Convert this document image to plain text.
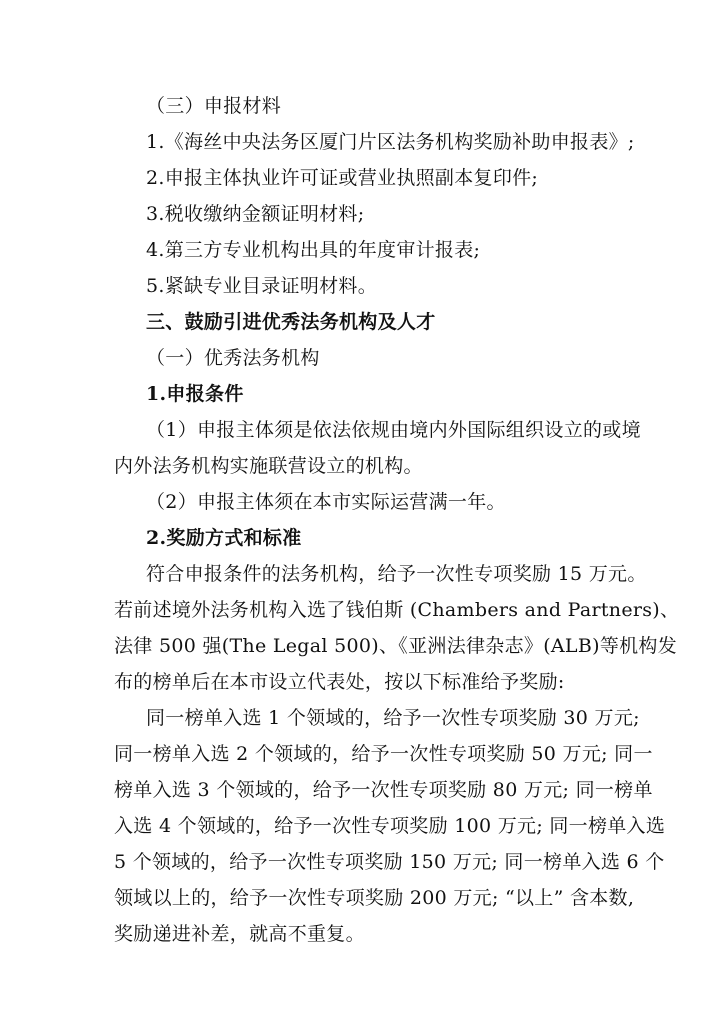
（三）申报材料
1.《海丝中央法务区厦门片区法务机构奖励补助申报表》;
2.申报主体执业许可证或营业执照副本复印件;
3.税收缴纳金额证明材料;
4.第三方专业机构出具的年度审计报表;
5.紧缺专业目录证明材料。
三、鼓励引进优秀法务机构及人才
（一）优秀法务机构
1.申报条件
（1）申报主体须是依法依规由境内外国际组织设立的或境
内外法务机构实施联营设立的机构。
（2）申报主体须在本市实际运营满一年。
2.奖励方式和标准
符合申报条件的法务机构，给予一次性专项奖励 15 万元。
若前述境外法务机构入选了钱伯斯 (Chambers and Partners)、
法律 500 强(The Legal 500)、《亚洲法律杂志》(ALB)等机构发
布的榜单后在本市设立代表处，按以下标准给予奖励:
同一榜单入选 1 个领域的，给予一次性专项奖励 30 万元;
同一榜单入选 2 个领域的，给予一次性专项奖励 50 万元; 同一
榜单入选 3 个领域的，给予一次性专项奖励 80 万元; 同一榜单
入选 4 个领域的，给予一次性专项奖励 100 万元; 同一榜单入选
5 个领域的，给予一次性专项奖励 150 万元; 同一榜单入选 6 个
领域以上的，给予一次性专项奖励 200 万元; “以上” 含本数,
奖励递进补差，就高不重复。
